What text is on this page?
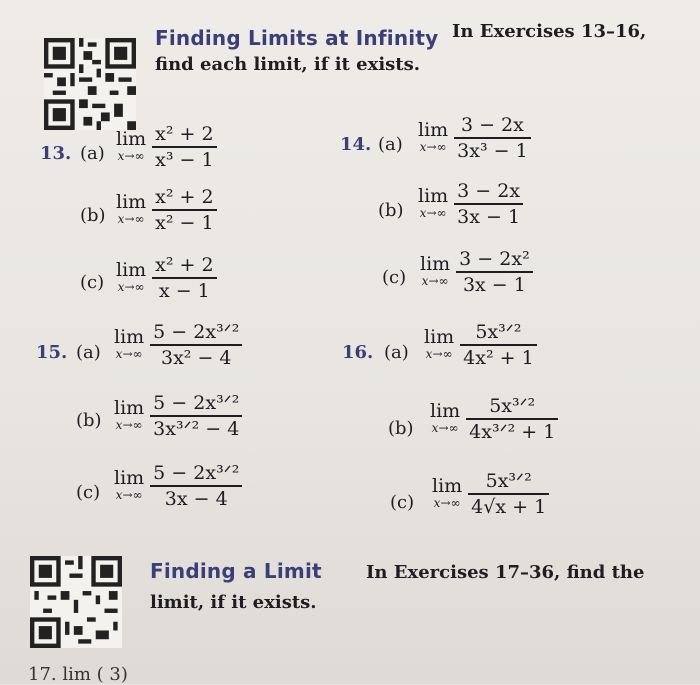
Finding Limits at Infinity In Exercises 13–16,
find each limit, if it exists.
13. (a)
lim
$x\to\infty \frac{\text{x² + 2}}{\text{x³ − 1}}$
(b)
lim
$x\to\infty \frac{\text{x² + 2}}{\text{x² − 1}}$
(c)
lim
$x\to\infty \frac{\text{x² + 2}}{x - 1}$
14. (a)
lim
$x\to\infty \frac{3 - 2x}{\text{3x³ − 1}}$
(b)
lim
$x\to\infty \frac{3 - 2x}{3x - 1}$
(c)
lim
$x\to\infty \frac{\text{3 − 2x²}}{3x - 1}$
15. (a)
lim
$x\to\infty \frac{\text{5 − 2x³ᐟ²}}{\text{3x² − 4}}$
(b)
lim
$x\to\infty \frac{\text{5 − 2x³ᐟ²}}{\text{3x³ᐟ² − 4}}$
(c)
lim
$x\to\infty \frac{\text{5 − 2x³ᐟ²}}{3x - 4}$
16. (a)
lim
$x\to\infty \frac{\text{5x³ᐟ²}}{\text{4x² + 1}}$
(b)
lim
$x\to\infty \frac{\text{5x³ᐟ²}}{\text{4x³ᐟ² + 1}}$
(c)
lim
$x\to\infty \frac{\text{5x³ᐟ²}}{4√x + 1}$
Finding a Limit In Exercises 17–36, find the
limit, if it exists.
17. lim ( 3)
